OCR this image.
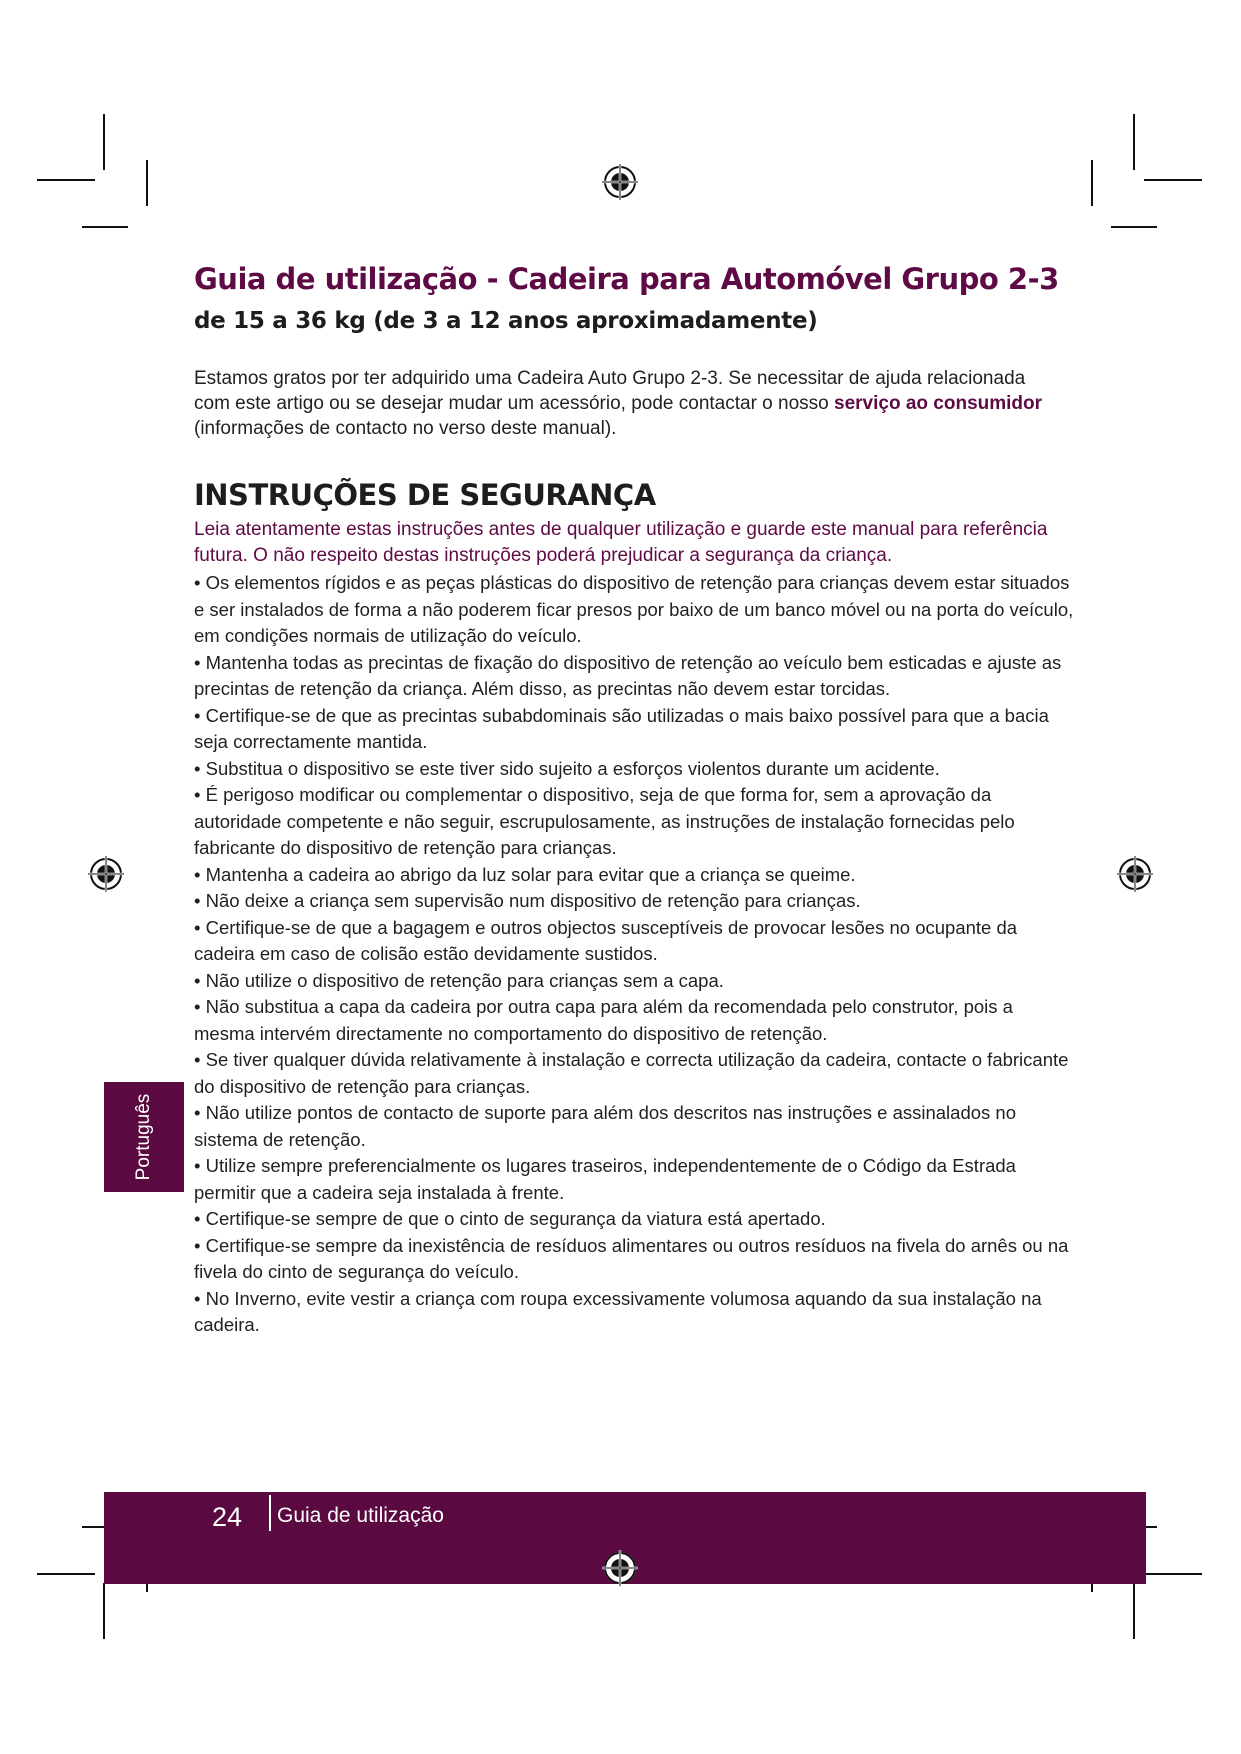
Guia de utilização - Cadeira para Automóvel Grupo 2-3
de 15 a 36 kg (de 3 a 12 anos aproximadamente)

Estamos gratos por ter adquirido uma Cadeira Auto Grupo 2-3. Se necessitar de ajuda relacionada com este artigo ou se desejar mudar um acessório, pode contactar o nosso serviço ao consumidor (informações de contacto no verso deste manual).

INSTRUÇÕES DE SEGURANÇA

Leia atentamente estas instruções antes de qualquer utilização e guarde este manual para referência futura. O não respeito destas instruções poderá prejudicar a segurança da criança.

• Os elementos rígidos e as peças plásticas do dispositivo de retenção para crianças devem estar situados e ser instalados de forma a não poderem ficar presos por baixo de um banco móvel ou na porta do veículo, em condições normais de utilização do veículo.
• Mantenha todas as precintas de fixação do dispositivo de retenção ao veículo bem esticadas e ajuste as precintas de retenção da criança. Além disso, as precintas não devem estar torcidas.
• Certifique-se de que as precintas subabdominais são utilizadas o mais baixo possível para que a bacia seja correctamente mantida.
• Substitua o dispositivo se este tiver sido sujeito a esforços violentos durante um acidente.
• É perigoso modificar ou complementar o dispositivo, seja de que forma for, sem a aprovação da autoridade competente e não seguir, escrupulosamente, as instruções de instalação fornecidas pelo fabricante do dispositivo de retenção para crianças.
• Mantenha a cadeira ao abrigo da luz solar para evitar que a criança se queime.
• Não deixe a criança sem supervisão num dispositivo de retenção para crianças.
• Certifique-se de que a bagagem e outros objectos susceptíveis de provocar lesões no ocupante da cadeira em caso de colisão estão devidamente sustidos.
• Não utilize o dispositivo de retenção para crianças sem a capa.
• Não substitua a capa da cadeira por outra capa para além da recomendada pelo construtor, pois a mesma intervém directamente no comportamento do dispositivo de retenção.
• Se tiver qualquer dúvida relativamente à instalação e correcta utilização da cadeira, contacte o fabricante do dispositivo de retenção para crianças.
• Não utilize pontos de contacto de suporte para além dos descritos nas instruções e assinalados no sistema de retenção.
• Utilize sempre preferencialmente os lugares traseiros, independentemente de o Código da Estrada permitir que a cadeira seja instalada à frente.
• Certifique-se sempre de que o cinto de segurança da viatura está apertado.
• Certifique-se sempre da inexistência de resíduos alimentares ou outros resíduos na fivela do arnês ou na fivela do cinto de segurança do veículo.
• No Inverno, evite vestir a criança com roupa excessivamente volumosa aquando da sua instalação na cadeira.
Português
24 Guia de utilização
